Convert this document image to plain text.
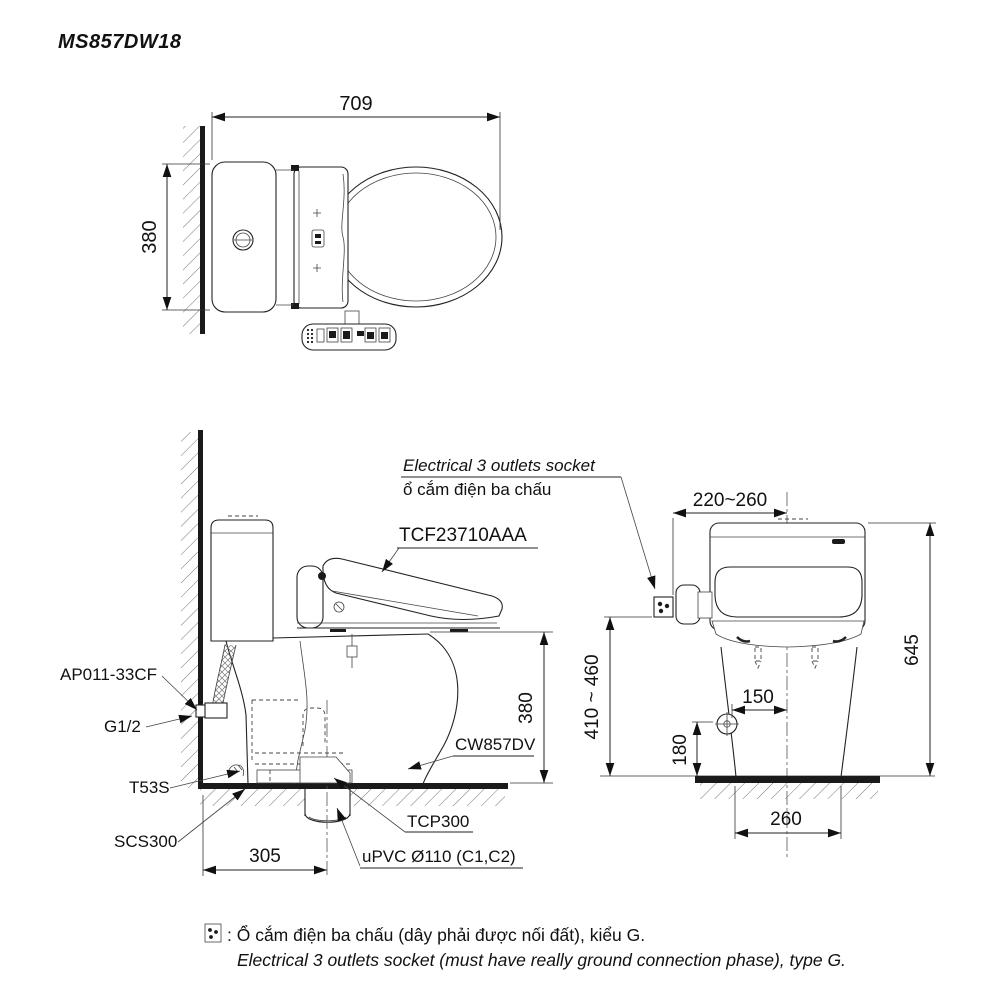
MS857DW18
709
380
380
305
Electrical 3 outlets socket
ổ cắm điện ba chấu
TCF23710AAA
AP011-33CF
G1/2
T53S
SCS300
CW857DV
TCP300
uPVC Ø110 (C1,C2)
220~260
645
410 ~ 460	150
180
260
: Ổ cắm điện ba chấu (dây phải được nối đất), kiểu G.
Electrical 3 outlets socket (must have really ground connection phase), type G.
